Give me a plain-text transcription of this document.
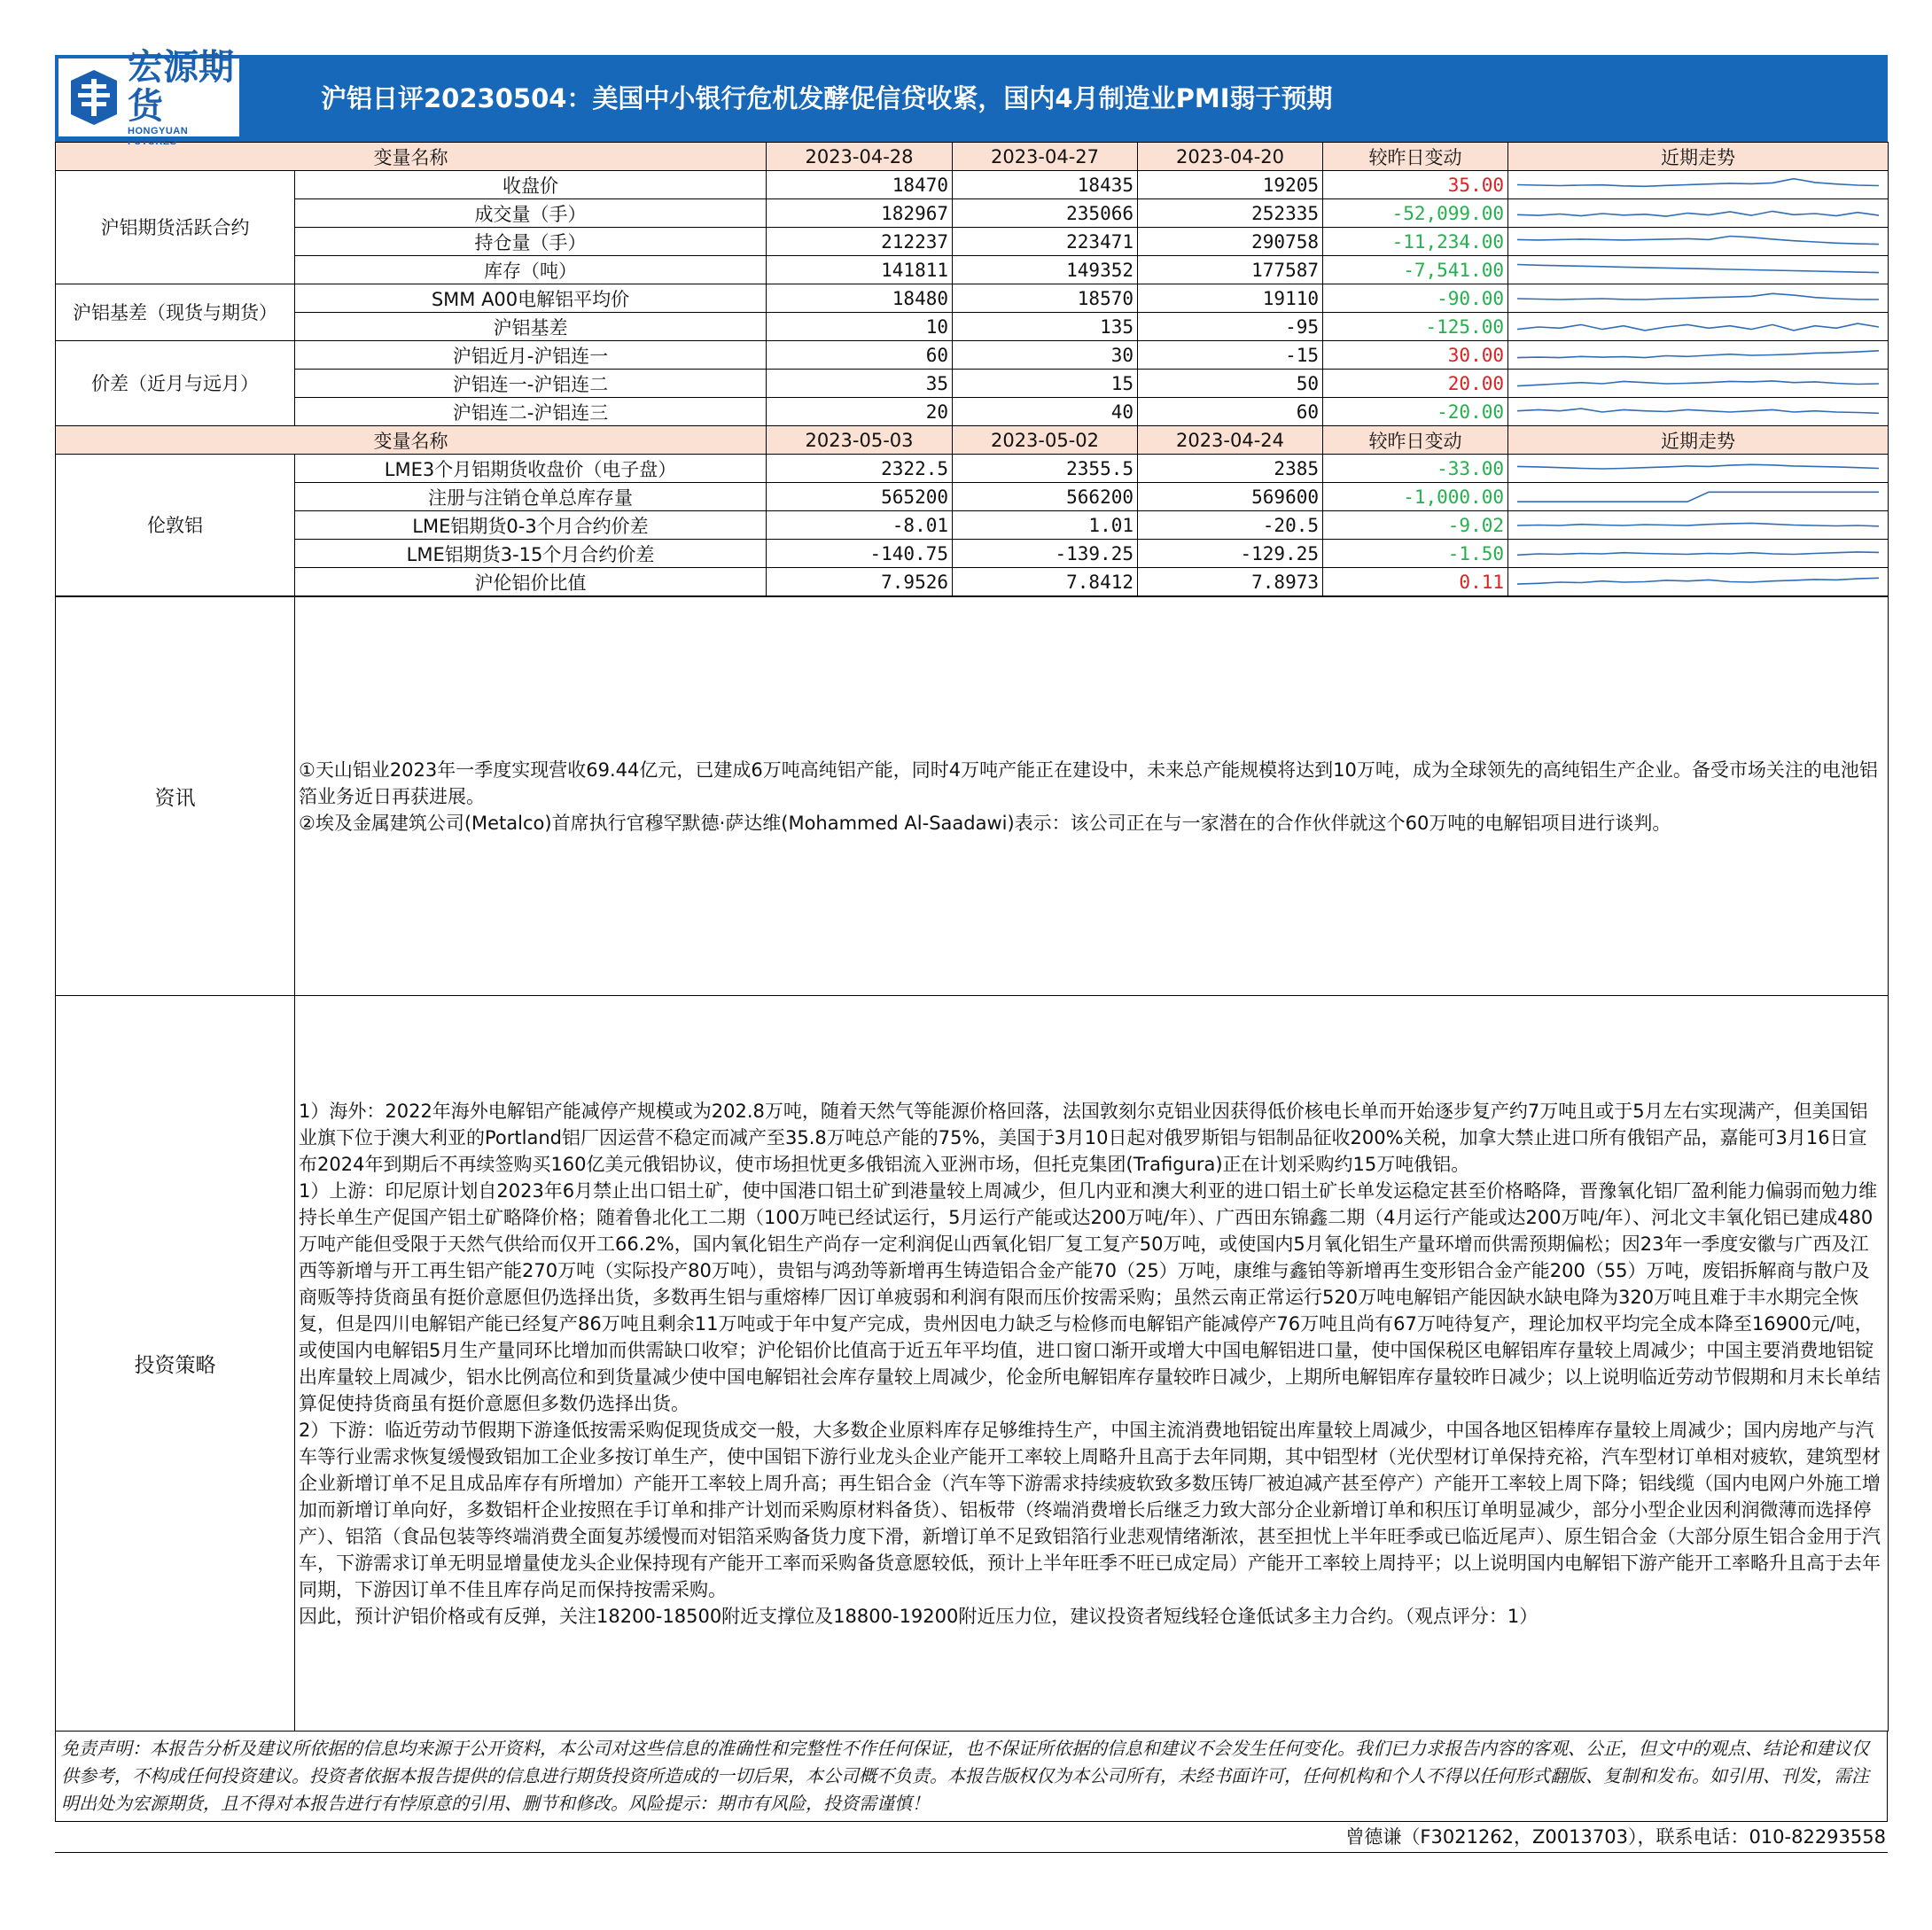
宏源期货
HONGYUAN FUTURES
沪铝日评20230504：美国中小银行危机发酵促信贷收紧，国内4月制造业PMI弱于预期
变量名称		2023-04-28	2023-04-27	2023-04-20	较昨日变动	近期走势
沪铝期货活跃合约	收盘价	18470	18435	19205	35.00	

	成交量（手）	182967	235066	252335	-52,099.00	

	持仓量（手）	212237	223471	290758	-11,234.00	

	库存（吨）	141811	149352	177587	-7,541.00	

沪铝基差（现货与期货）	SMM A00电解铝平均价	18480	18570	19110	-90.00	

	沪铝基差	10	135	-95	-125.00	

价差（近月与远月）	沪铝近月-沪铝连一	60	30	-15	30.00	

	沪铝连一-沪铝连二	35	15	50	20.00	

	沪铝连二-沪铝连三	20	40	60	-20.00	

变量名称		2023-05-03	2023-05-02	2023-04-24	较昨日变动	近期走势
伦敦铝	LME3个月铝期货收盘价（电子盘）	2322.5	2355.5	2385	-33.00	

	注册与注销仓单总库存量	565200	566200	569600	-1,000.00	

	LME铝期货0-3个月合约价差	-8.01	1.01	-20.5	-9.02	

	LME铝期货3-15个月合约价差	-140.75	-139.25	-129.25	-1.50	

	沪伦铝价比值	7.9526	7.8412	7.8973	0.11	
资讯	①天山铝业2023年一季度实现营收69.44亿元，已建成6万吨高纯铝产能，同时4万吨产能正在建设中，未来总产能规模将达到10万吨，成为全球领先的高纯铝生产企业。备受市场关注的电池铝箔业务近日再获进展。

②埃及金属建筑公司(Metalco)首席执行官穆罕默德·萨达维(Mohammed Al-Saadawi)表示：该公司正在与一家潜在的合作伙伴就这个60万吨的电解铝项目进行谈判。

投资策略	1）海外：2022年海外电解铝产能减停产规模或为202.8万吨，随着天然气等能源价格回落，法国敦刻尔克铝业因获得低价核电长单而开始逐步复产约7万吨且或于5月左右实现满产，但美国铝业旗下位于澳大利亚的Portland铝厂因运营不稳定而减产至35.8万吨总产能的75%，美国于3月10日起对俄罗斯铝与铝制品征收200%关税，加拿大禁止进口所有俄铝产品，嘉能可3月16日宣布2024年到期后不再续签购买160亿美元俄铝协议，使市场担忧更多俄铝流入亚洲市场，但托克集团(Trafigura)正在计划采购约15万吨俄铝。

1）上游：印尼原计划自2023年6月禁止出口铝土矿，使中国港口铝土矿到港量较上周减少，但几内亚和澳大利亚的进口铝土矿长单发运稳定甚至价格略降，晋豫氧化铝厂盈利能力偏弱而勉力维持长单生产促国产铝土矿略降价格；随着鲁北化工二期（100万吨已经试运行，5月运行产能或达200万吨/年）、广西田东锦鑫二期（4月运行产能或达200万吨/年）、河北文丰氧化铝已建成480万吨产能但受限于天然气供给而仅开工66.2%，国内氧化铝生产尚存一定利润促山西氧化铝厂复工复产50万吨，或使国内5月氧化铝生产量环增而供需预期偏松；因23年一季度安徽与广西及江西等新增与开工再生铝产能270万吨（实际投产80万吨），贵铝与鸿劲等新增再生铸造铝合金产能70（25）万吨，康维与鑫铂等新增再生变形铝合金产能200（55）万吨，废铝拆解商与散户及商贩等持货商虽有挺价意愿但仍选择出货，多数再生铝与重熔棒厂因订单疲弱和利润有限而压价按需采购；虽然云南正常运行520万吨电解铝产能因缺水缺电降为320万吨且难于丰水期完全恢复，但是四川电解铝产能已经复产86万吨且剩余11万吨或于年中复产完成，贵州因电力缺乏与检修而电解铝产能减停产76万吨且尚有67万吨待复产，理论加权平均完全成本降至16900元/吨，或使国内电解铝5月生产量同环比增加而供需缺口收窄；沪伦铝价比值高于近五年平均值，进口窗口渐开或增大中国电解铝进口量，使中国保税区电解铝库存量较上周减少；中国主要消费地铝锭出库量较上周减少，铝水比例高位和到货量减少使中国电解铝社会库存量较上周减少，伦金所电解铝库存量较昨日减少，上期所电解铝库存量较昨日减少；以上说明临近劳动节假期和月末长单结算促使持货商虽有挺价意愿但多数仍选择出货。

2）下游：临近劳动节假期下游逢低按需采购促现货成交一般，大多数企业原料库存足够维持生产，中国主流消费地铝锭出库量较上周减少，中国各地区铝棒库存量较上周减少；国内房地产与汽车等行业需求恢复缓慢致铝加工企业多按订单生产，使中国铝下游行业龙头企业产能开工率较上周略升且高于去年同期，其中铝型材（光伏型材订单保持充裕，汽车型材订单相对疲软，建筑型材企业新增订单不足且成品库存有所增加）产能开工率较上周升高；再生铝合金（汽车等下游需求持续疲软致多数压铸厂被迫减产甚至停产）产能开工率较上周下降；铝线缆（国内电网户外施工增加而新增订单向好，多数铝杆企业按照在手订单和排产计划而采购原材料备货）、铝板带（终端消费增长后继乏力致大部分企业新增订单和积压订单明显减少，部分小型企业因利润微薄而选择停产）、铝箔（食品包装等终端消费全面复苏缓慢而对铝箔采购备货力度下滑，新增订单不足致铝箔行业悲观情绪渐浓，甚至担忧上半年旺季或已临近尾声）、原生铝合金（大部分原生铝合金用于汽车，下游需求订单无明显增量使龙头企业保持现有产能开工率而采购备货意愿较低，预计上半年旺季不旺已成定局）产能开工率较上周持平；以上说明国内电解铝下游产能开工率略升且高于去年同期，下游因订单不佳且库存尚足而保持按需采购。

因此，预计沪铝价格或有反弹，关注18200-18500附近支撑位及18800-19200附近压力位，建议投资者短线轻仓逢低试多主力合约。（观点评分：1）

免责声明：本报告分析及建议所依据的信息均来源于公开资料，本公司对这些信息的准确性和完整性不作任何保证，也不保证所依据的信息和建议不会发生任何变化。我们已力求报告内容的客观、公正，但文中的观点、结论和建议仅供参考，不构成任何投资建议。投资者依据本报告提供的信息进行期货投资所造成的一切后果，本公司概不负责。本报告版权仅为本公司所有，未经书面许可，任何机构和个人不得以任何形式翻版、复制和发布。如引用、刊发，需注明出处为宏源期货，且不得对本报告进行有悖原意的引用、删节和修改。风险提示：期市有风险，投资需谨慎！
曾德谦（F3021262，Z0013703），联系电话：010-82293558
